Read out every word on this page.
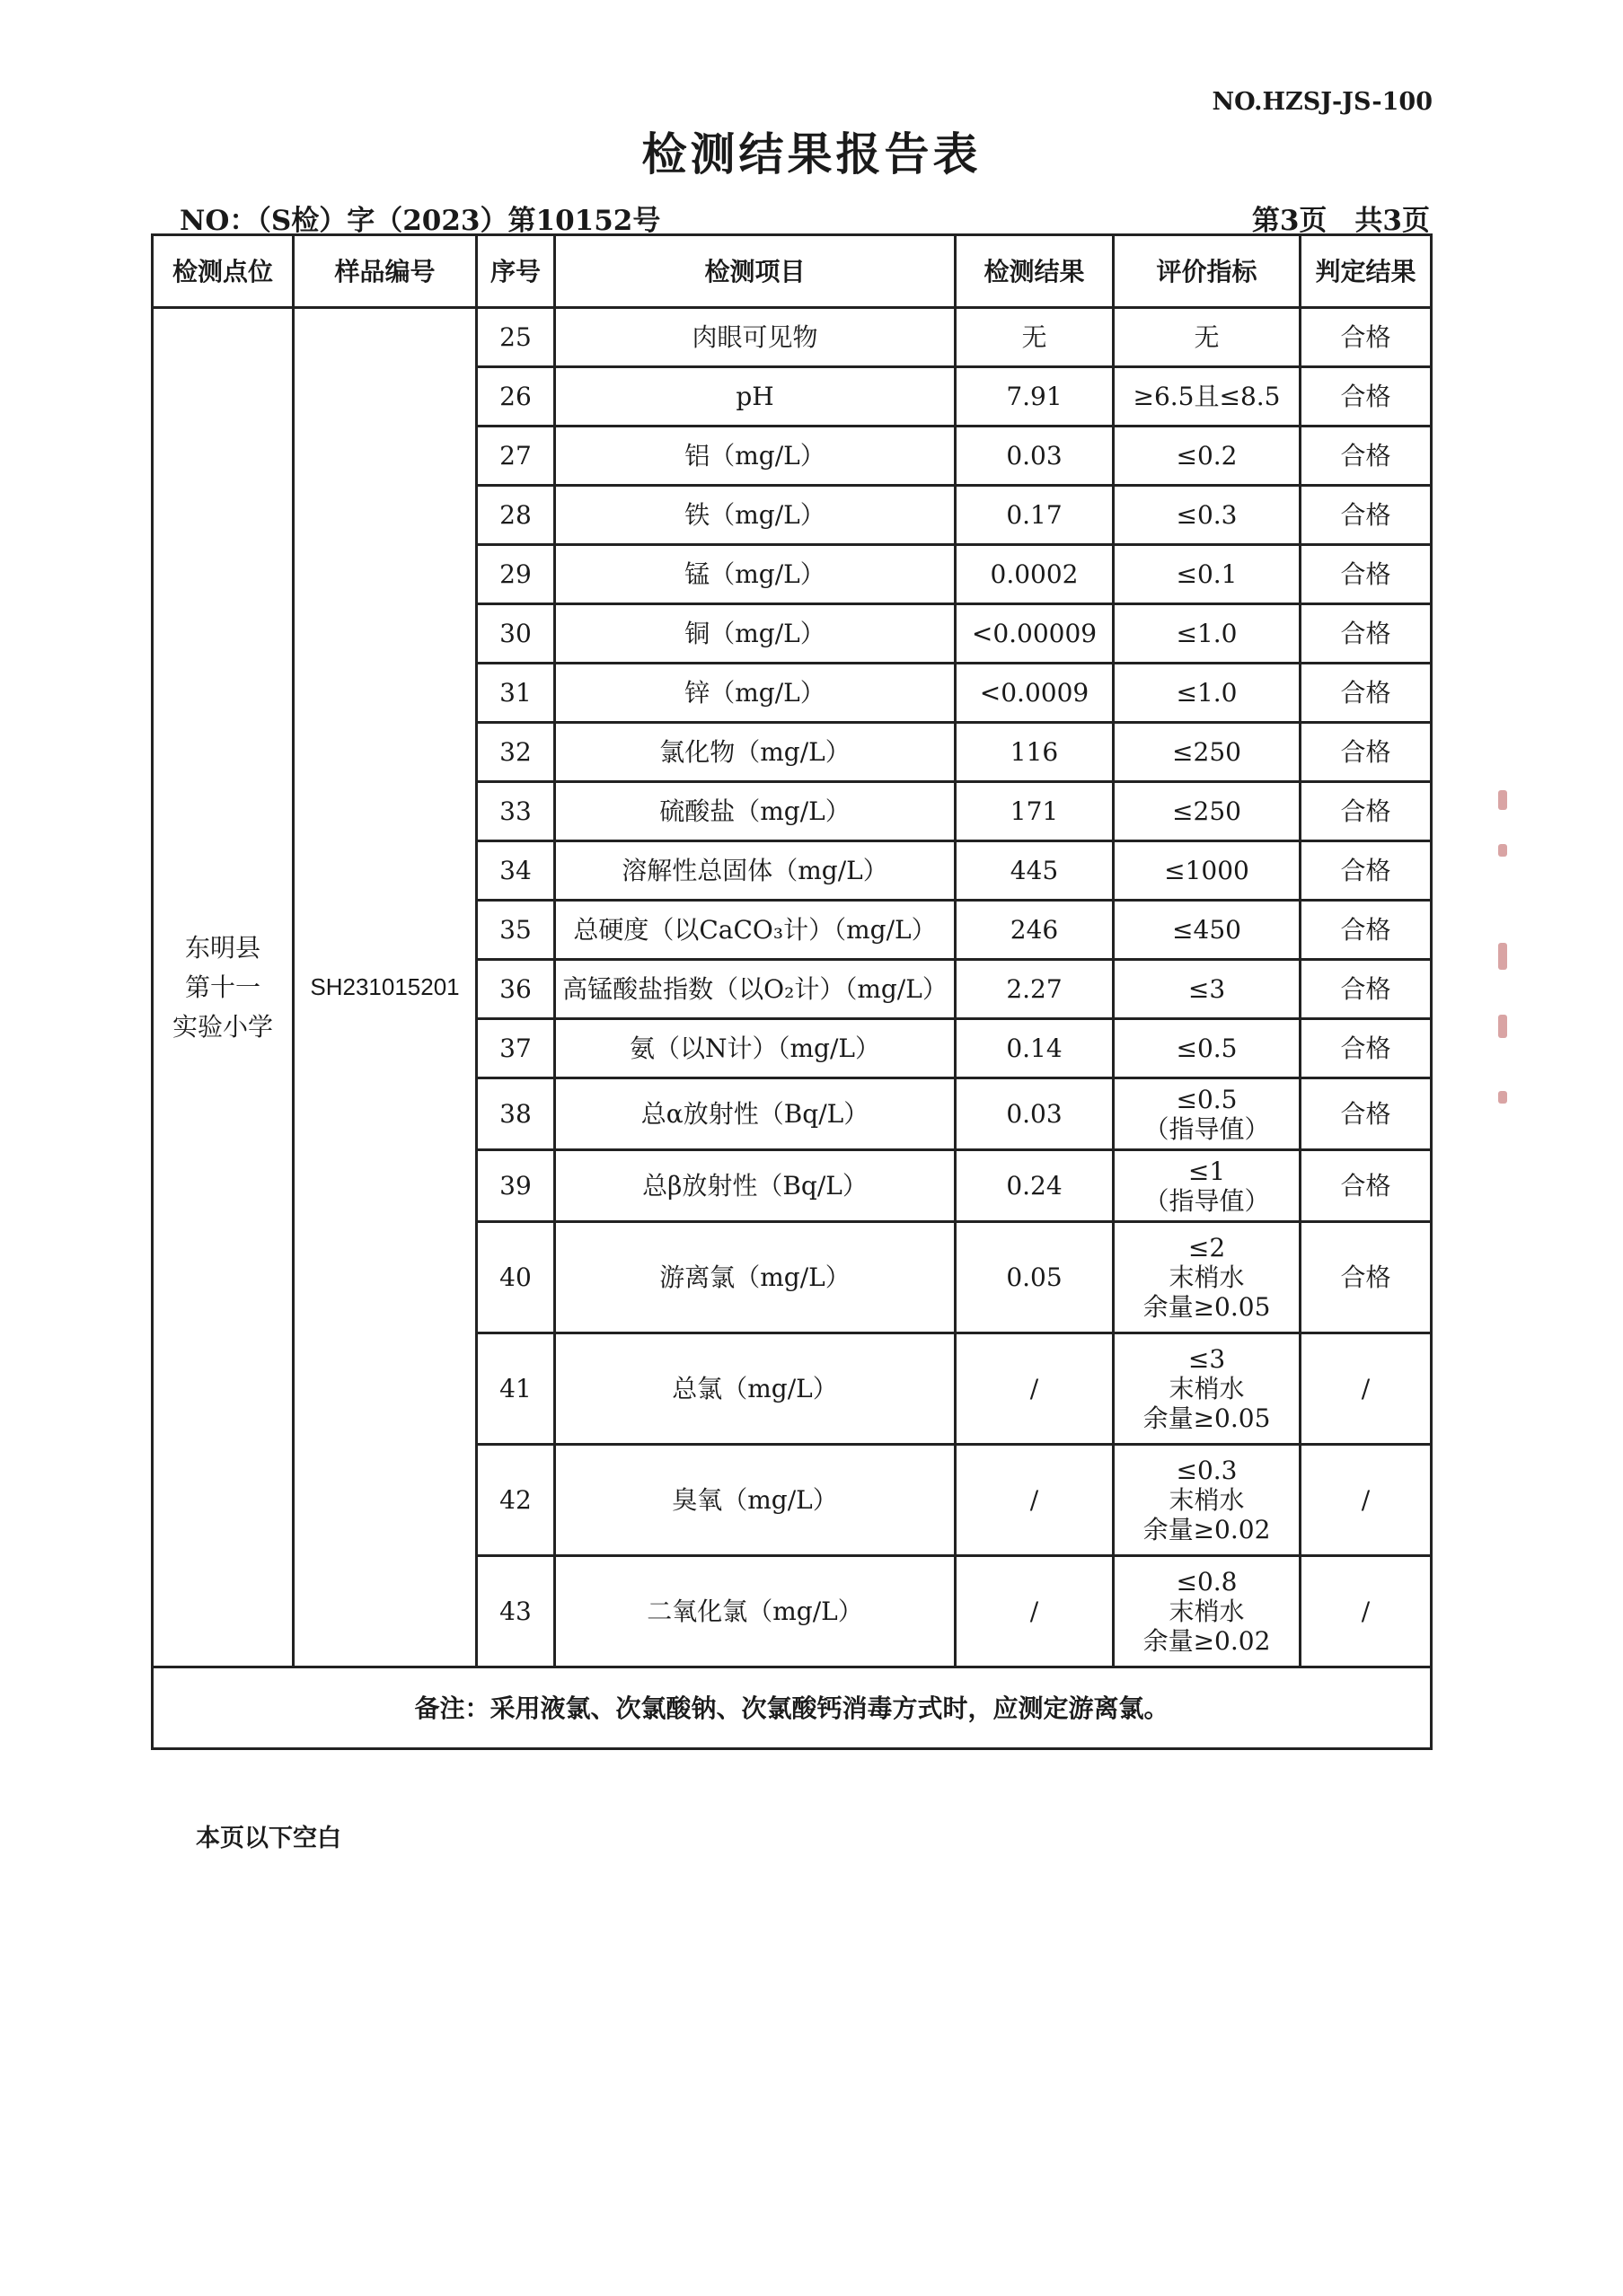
NO.HZSJ-JS-100
检测结果报告表
NO：（S检）字（2023）第10152号	第3页　共3页
检测点位	样品编号	序号	检测项目	检测结果	评价指标	判定结果
东明县
第十一
实验小学	SH231015201	25	肉眼可见物	无	无	合格
		26	pH	7.91	≥6.5且≤8.5	合格
		27	铝（mg/L）	0.03	≤0.2	合格
		28	铁（mg/L）	0.17	≤0.3	合格
		29	锰（mg/L）	0.0002	≤0.1	合格
		30	铜（mg/L）	<0.00009	≤1.0	合格
		31	锌（mg/L）	<0.0009	≤1.0	合格
		32	氯化物（mg/L）	116	≤250	合格
		33	硫酸盐（mg/L）	171	≤250	合格
		34	溶解性总固体（mg/L）	445	≤1000	合格
		35	总硬度（以CaCO₃计）（mg/L）	246	≤450	合格
		36	高锰酸盐指数（以O₂计）（mg/L）	2.27	≤3	合格
		37	氨（以N计）（mg/L）	0.14	≤0.5	合格
		38	总α放射性（Bq/L）	0.03	≤0.5
（指导值）	合格
		39	总β放射性（Bq/L）	0.24	≤1
（指导值）	合格
		40	游离氯（mg/L）	0.05	≤2
末梢水
余量≥0.05	合格
		41	总氯（mg/L）	/	≤3
末梢水
余量≥0.05	/
		42	臭氧（mg/L）	/	≤0.3
末梢水
余量≥0.02	/
		43	二氧化氯（mg/L）	/	≤0.8
末梢水
余量≥0.02	/
备注：采用液氯、次氯酸钠、次氯酸钙消毒方式时，应测定游离氯。						
本页以下空白
